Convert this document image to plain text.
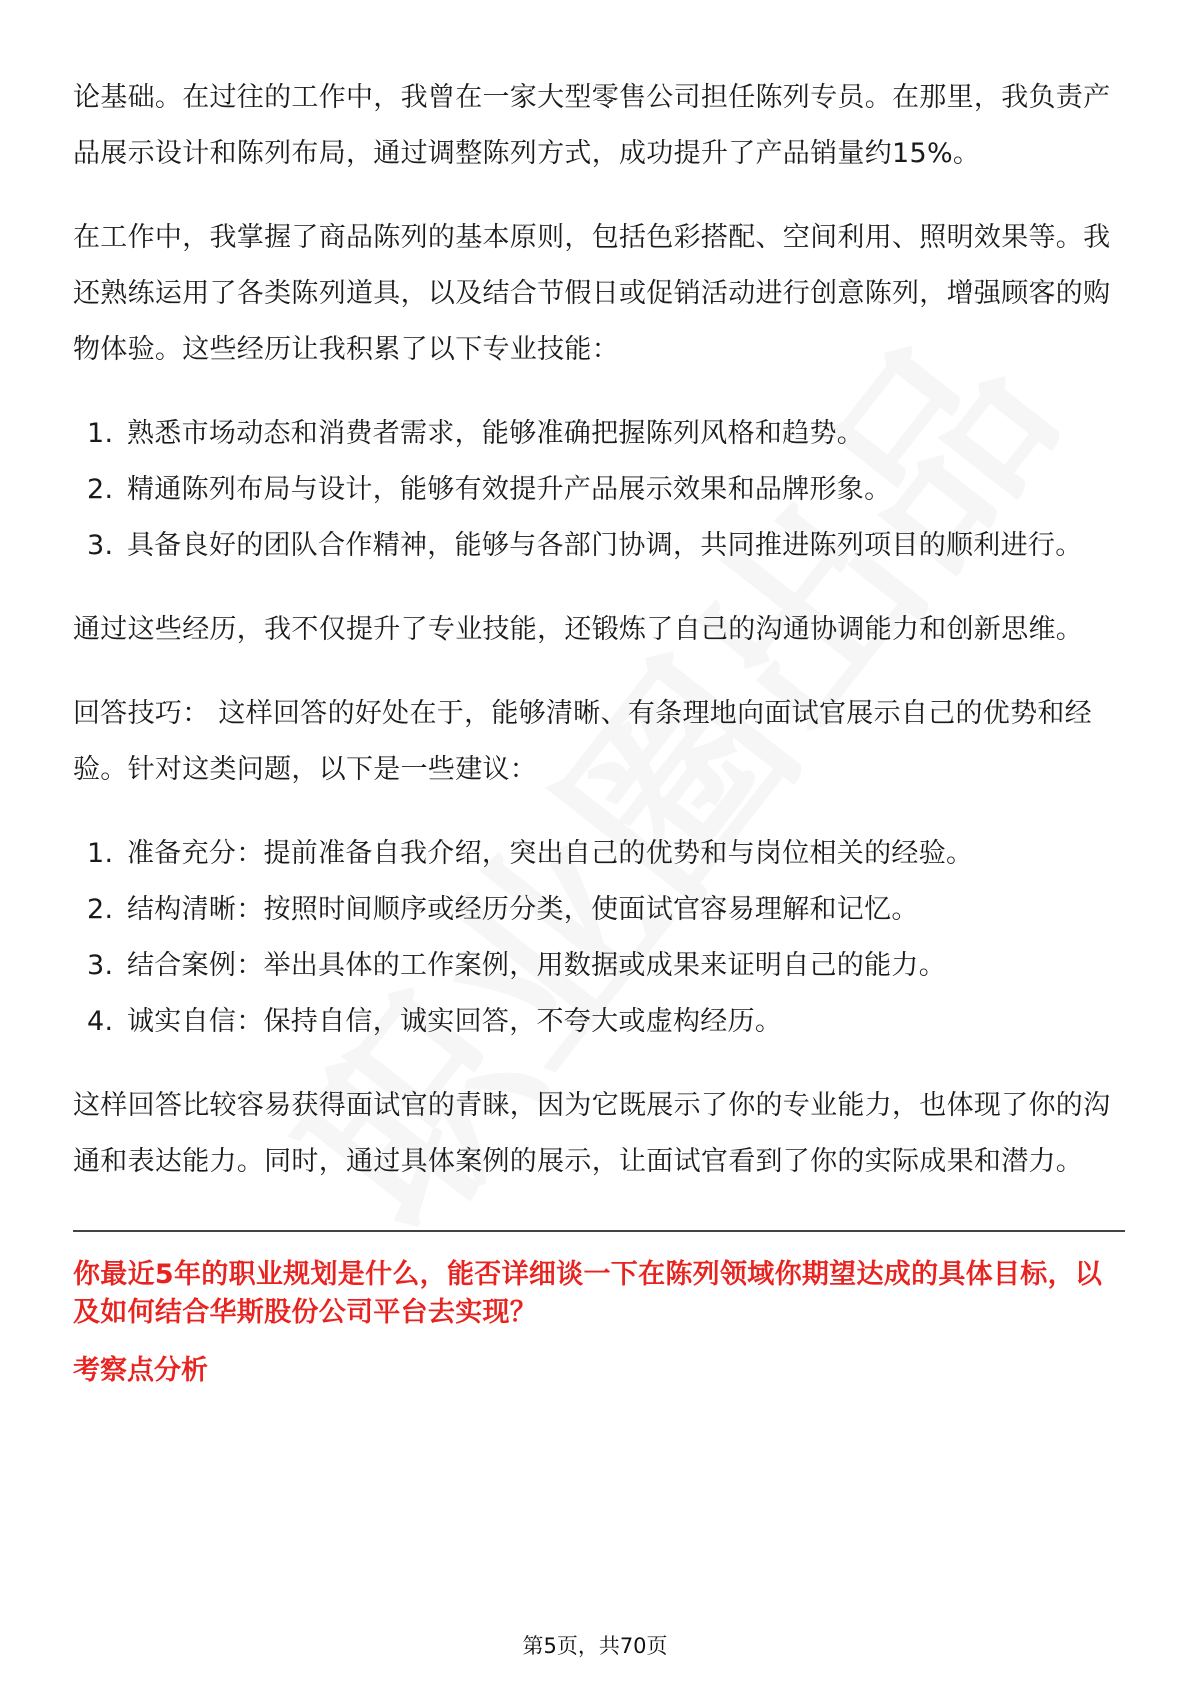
论基础。在过往的工作中，我曾在一家大型零售公司担任陈列专员。在那里，我负责产品展示设计和陈列布局，通过调整陈列方式，成功提升了产品销量约15%。

在工作中，我掌握了商品陈列的基本原则，包括色彩搭配、空间利用、照明效果等。我还熟练运用了各类陈列道具，以及结合节假日或促销活动进行创意陈列，增强顾客的购物体验。这些经历让我积累了以下专业技能：

1. 熟悉市场动态和消费者需求，能够准确把握陈列风格和趋势。
2. 精通陈列布局与设计，能够有效提升产品展示效果和品牌形象。
3. 具备良好的团队合作精神，能够与各部门协调，共同推进陈列项目的顺利进行。

通过这些经历，我不仅提升了专业技能，还锻炼了自己的沟通协调能力和创新思维。

回答技巧： 这样回答的好处在于，能够清晰、有条理地向面试官展示自己的优势和经验。针对这类问题，以下是一些建议：

1. 准备充分：提前准备自我介绍，突出自己的优势和与岗位相关的经验。
2. 结构清晰：按照时间顺序或经历分类，使面试官容易理解和记忆。
3. 结合案例：举出具体的工作案例，用数据或成果来证明自己的能力。
4. 诚实自信：保持自信，诚实回答，不夸大或虚构经历。

这样回答比较容易获得面试官的青睐，因为它既展示了你的专业能力，也体现了你的沟通和表达能力。同时，通过具体案例的展示，让面试官看到了你的实际成果和潜力。

你最近5年的职业规划是什么，能否详细谈一下在陈列领域你期望达成的具体目标，以及如何结合华斯股份公司平台去实现？

考察点分析

第5页，共70页
